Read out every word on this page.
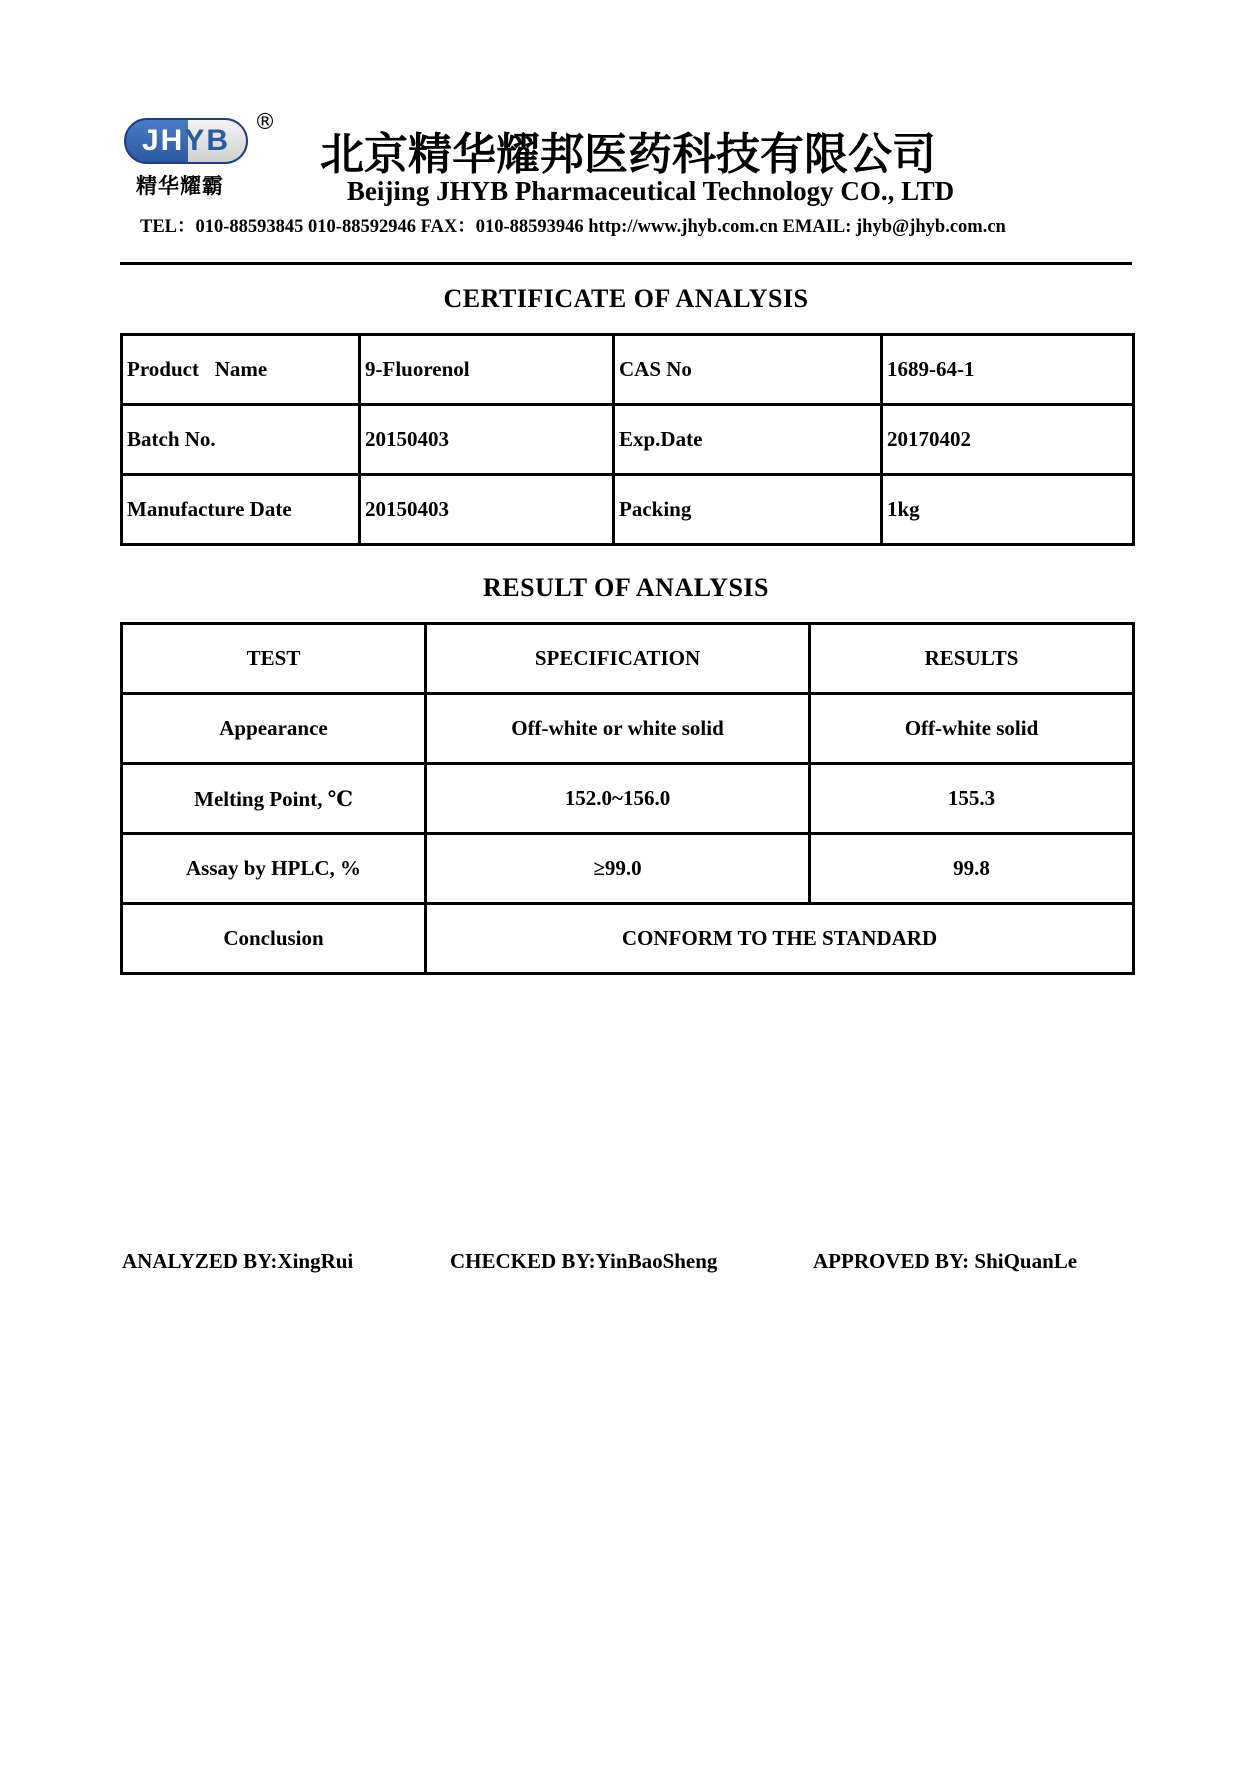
JHYB
®
精华耀霸
北京精华耀邦医药科技有限公司
Beijing JHYB Pharmaceutical Technology CO., LTD
TEL：010-88593845 010-88592946 FAX：010-88593946 http://www.jhyb.com.cn EMAIL: jhyb@jhyb.com.cn
CERTIFICATE OF ANALYSIS
Product   Name	9-Fluorenol	CAS No	1689-64-1
Batch No.	20150403	Exp.Date	20170402
Manufacture Date	20150403	Packing	1kg
RESULT OF ANALYSIS
TEST	SPECIFICATION	RESULTS
Appearance	Off-white or white solid	Off-white solid
Melting Point, ℃	152.0~156.0	155.3
Assay by HPLC, %	≥99.0	99.8
Conclusion	CONFORM TO THE STANDARD	
ANALYZED BY:XingRui	CHECKED BY:YinBaoSheng	APPROVED BY: ShiQuanLe
